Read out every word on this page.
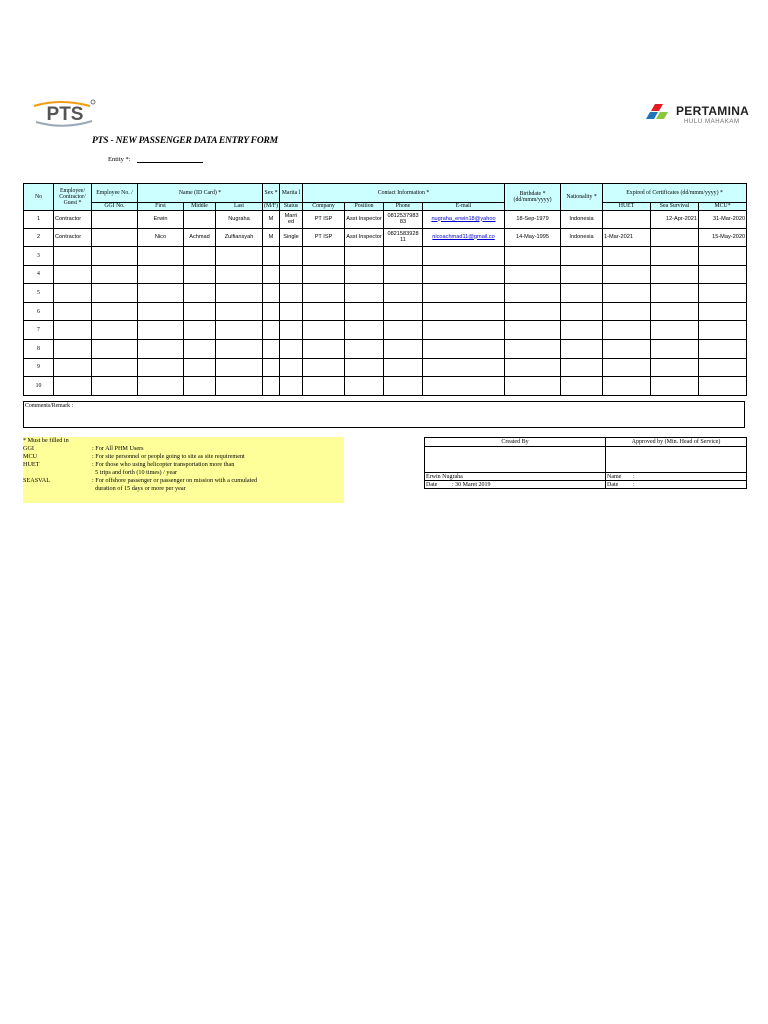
PTS	PERTAMINA
HULU MAHAKAM
PTS - NEW PASSENGER DATA ENTRY FORM
Entity *:
No	Employee/ Contractor/ Guest *	Employee No. /	Name (ID Card) *			Sex *	Marita l	Contact Information *				Birthdate * (dd/mmm/yyyy)	Nationality *	Expired of Certificates (dd/mmm/yyyy) *		
		GGI No.	First	Middle	Last	(M/F)	Status	Company	Position	Phone	E-mail			HUET	Sea Survival	MCU*
1	Contractor		Erwin		Nugraha	M	Marri ed	PT ISP	Asst Inspector	0812537983 83	nugraha_erwin18@yahoo	18-Sep-1979	Indonesia		12-Apr-2021	31-Mar-2020
2	Contractor		Nico	Achmad	Zulfiansyah	M	Single	PT ISP	Asst Inspector	0821583928 11	nicoachmad11@gmail.co	14-May-1995	Indonesia	1-Mar-2021		15-May-2020
3																
4																
5																
6																
7																
8																
9																
10																
Comments/Remark :
* Must be filled in
GGI	: For All PHM Users
MCU	: For site personnel or people going to site as site requirement
HUET	: For those who using helicopter transportation more than
5 trips and forth (10 times) / year
SEASVAL	: For offshore passenger or passenger on mission with a cumulated
duration of 15 days or more per year
Created By	Approved by (Min. Head of Service)

Erwin Nugraha	Name :
Date : 30 Maret 2019	Date :
